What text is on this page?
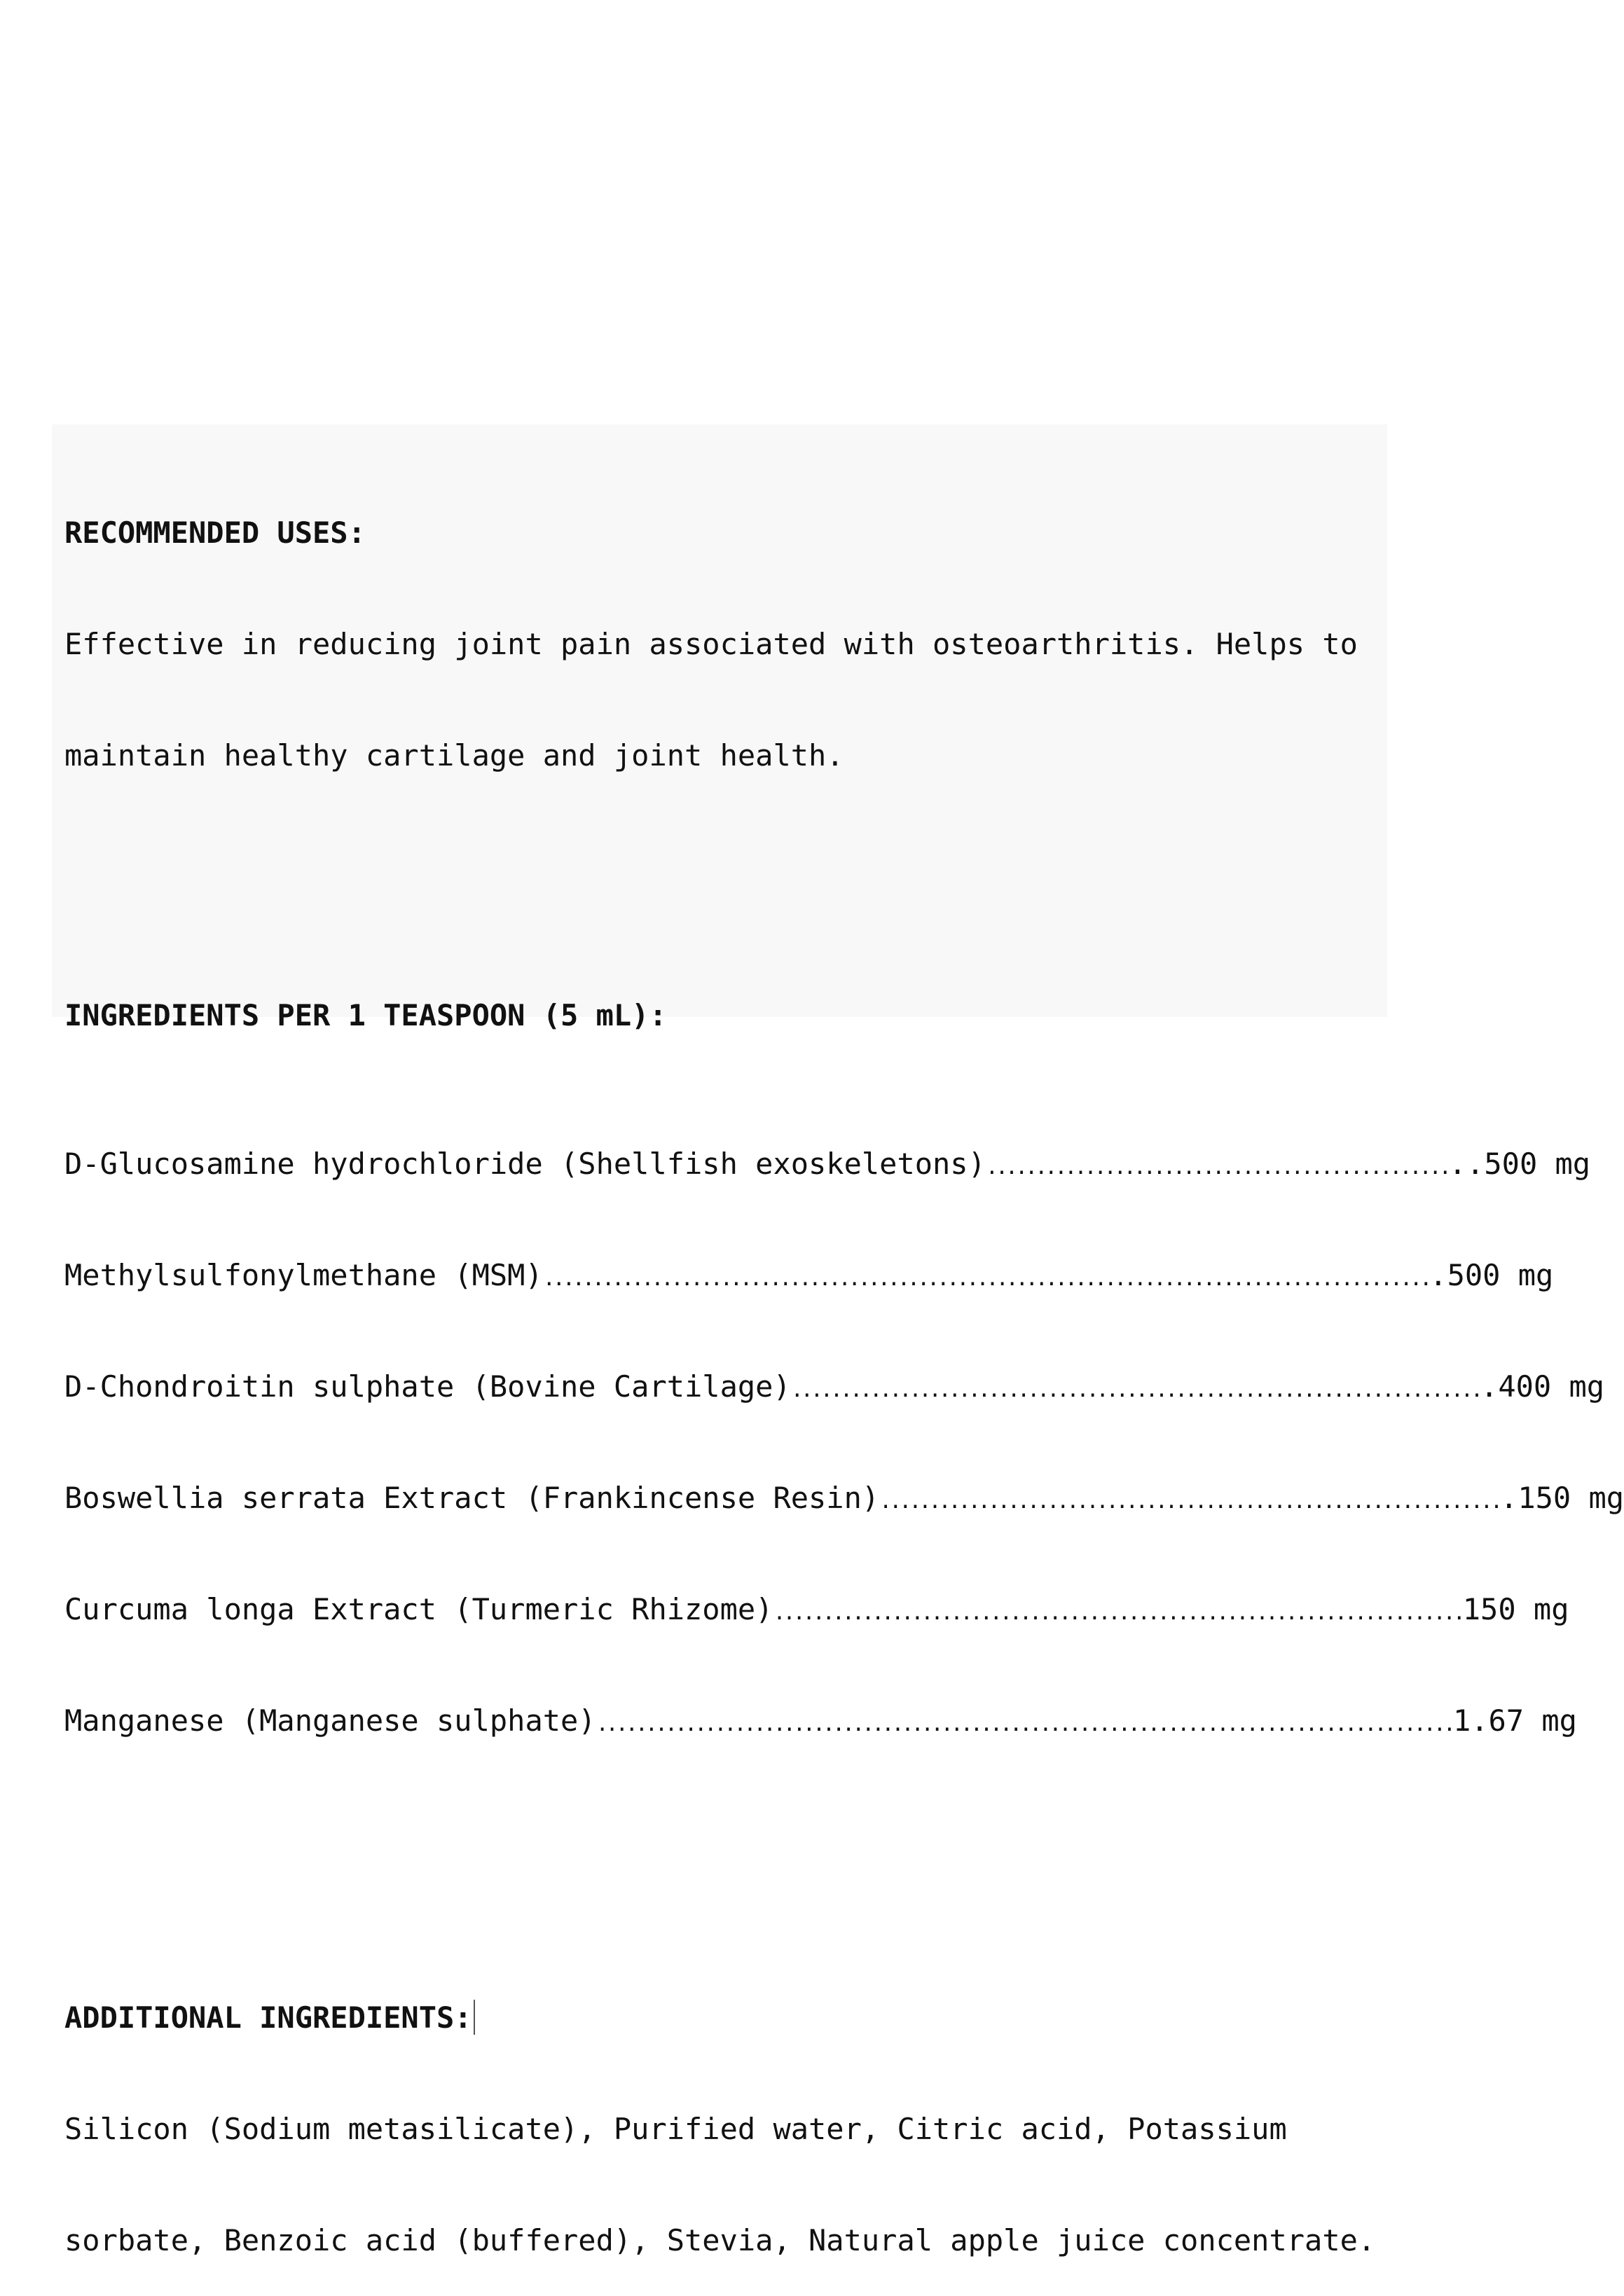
RECOMMENDED USES:

Effective in reducing joint pain associated with osteoarthritis. Helps to

maintain healthy cartilage and joint health.

INGREDIENTS PER 1 TEASPOON (5 mL):

D-Glucosamine hydrochloride (Shellfish exoskeletons) ............................................... ..500 mg

Methylsulfonylmethane (MSM) .......................................................................................... .500 mg

D-Chondroitin sulphate (Bovine Cartilage) ...................................................................... .400 mg

Boswellia serrata Extract (Frankincense Resin) ............................................................... .150 mg

Curcuma longa Extract (Turmeric Rhizome) ...................................................................... 150 mg

Manganese (Manganese sulphate) ....................................................................................... 1.67 mg

ADDITIONAL INGREDIENTS:

Silicon (Sodium metasilicate), Purified water, Citric acid, Potassium

sorbate, Benzoic acid (buffered), Stevia, Natural apple juice concentrate.
